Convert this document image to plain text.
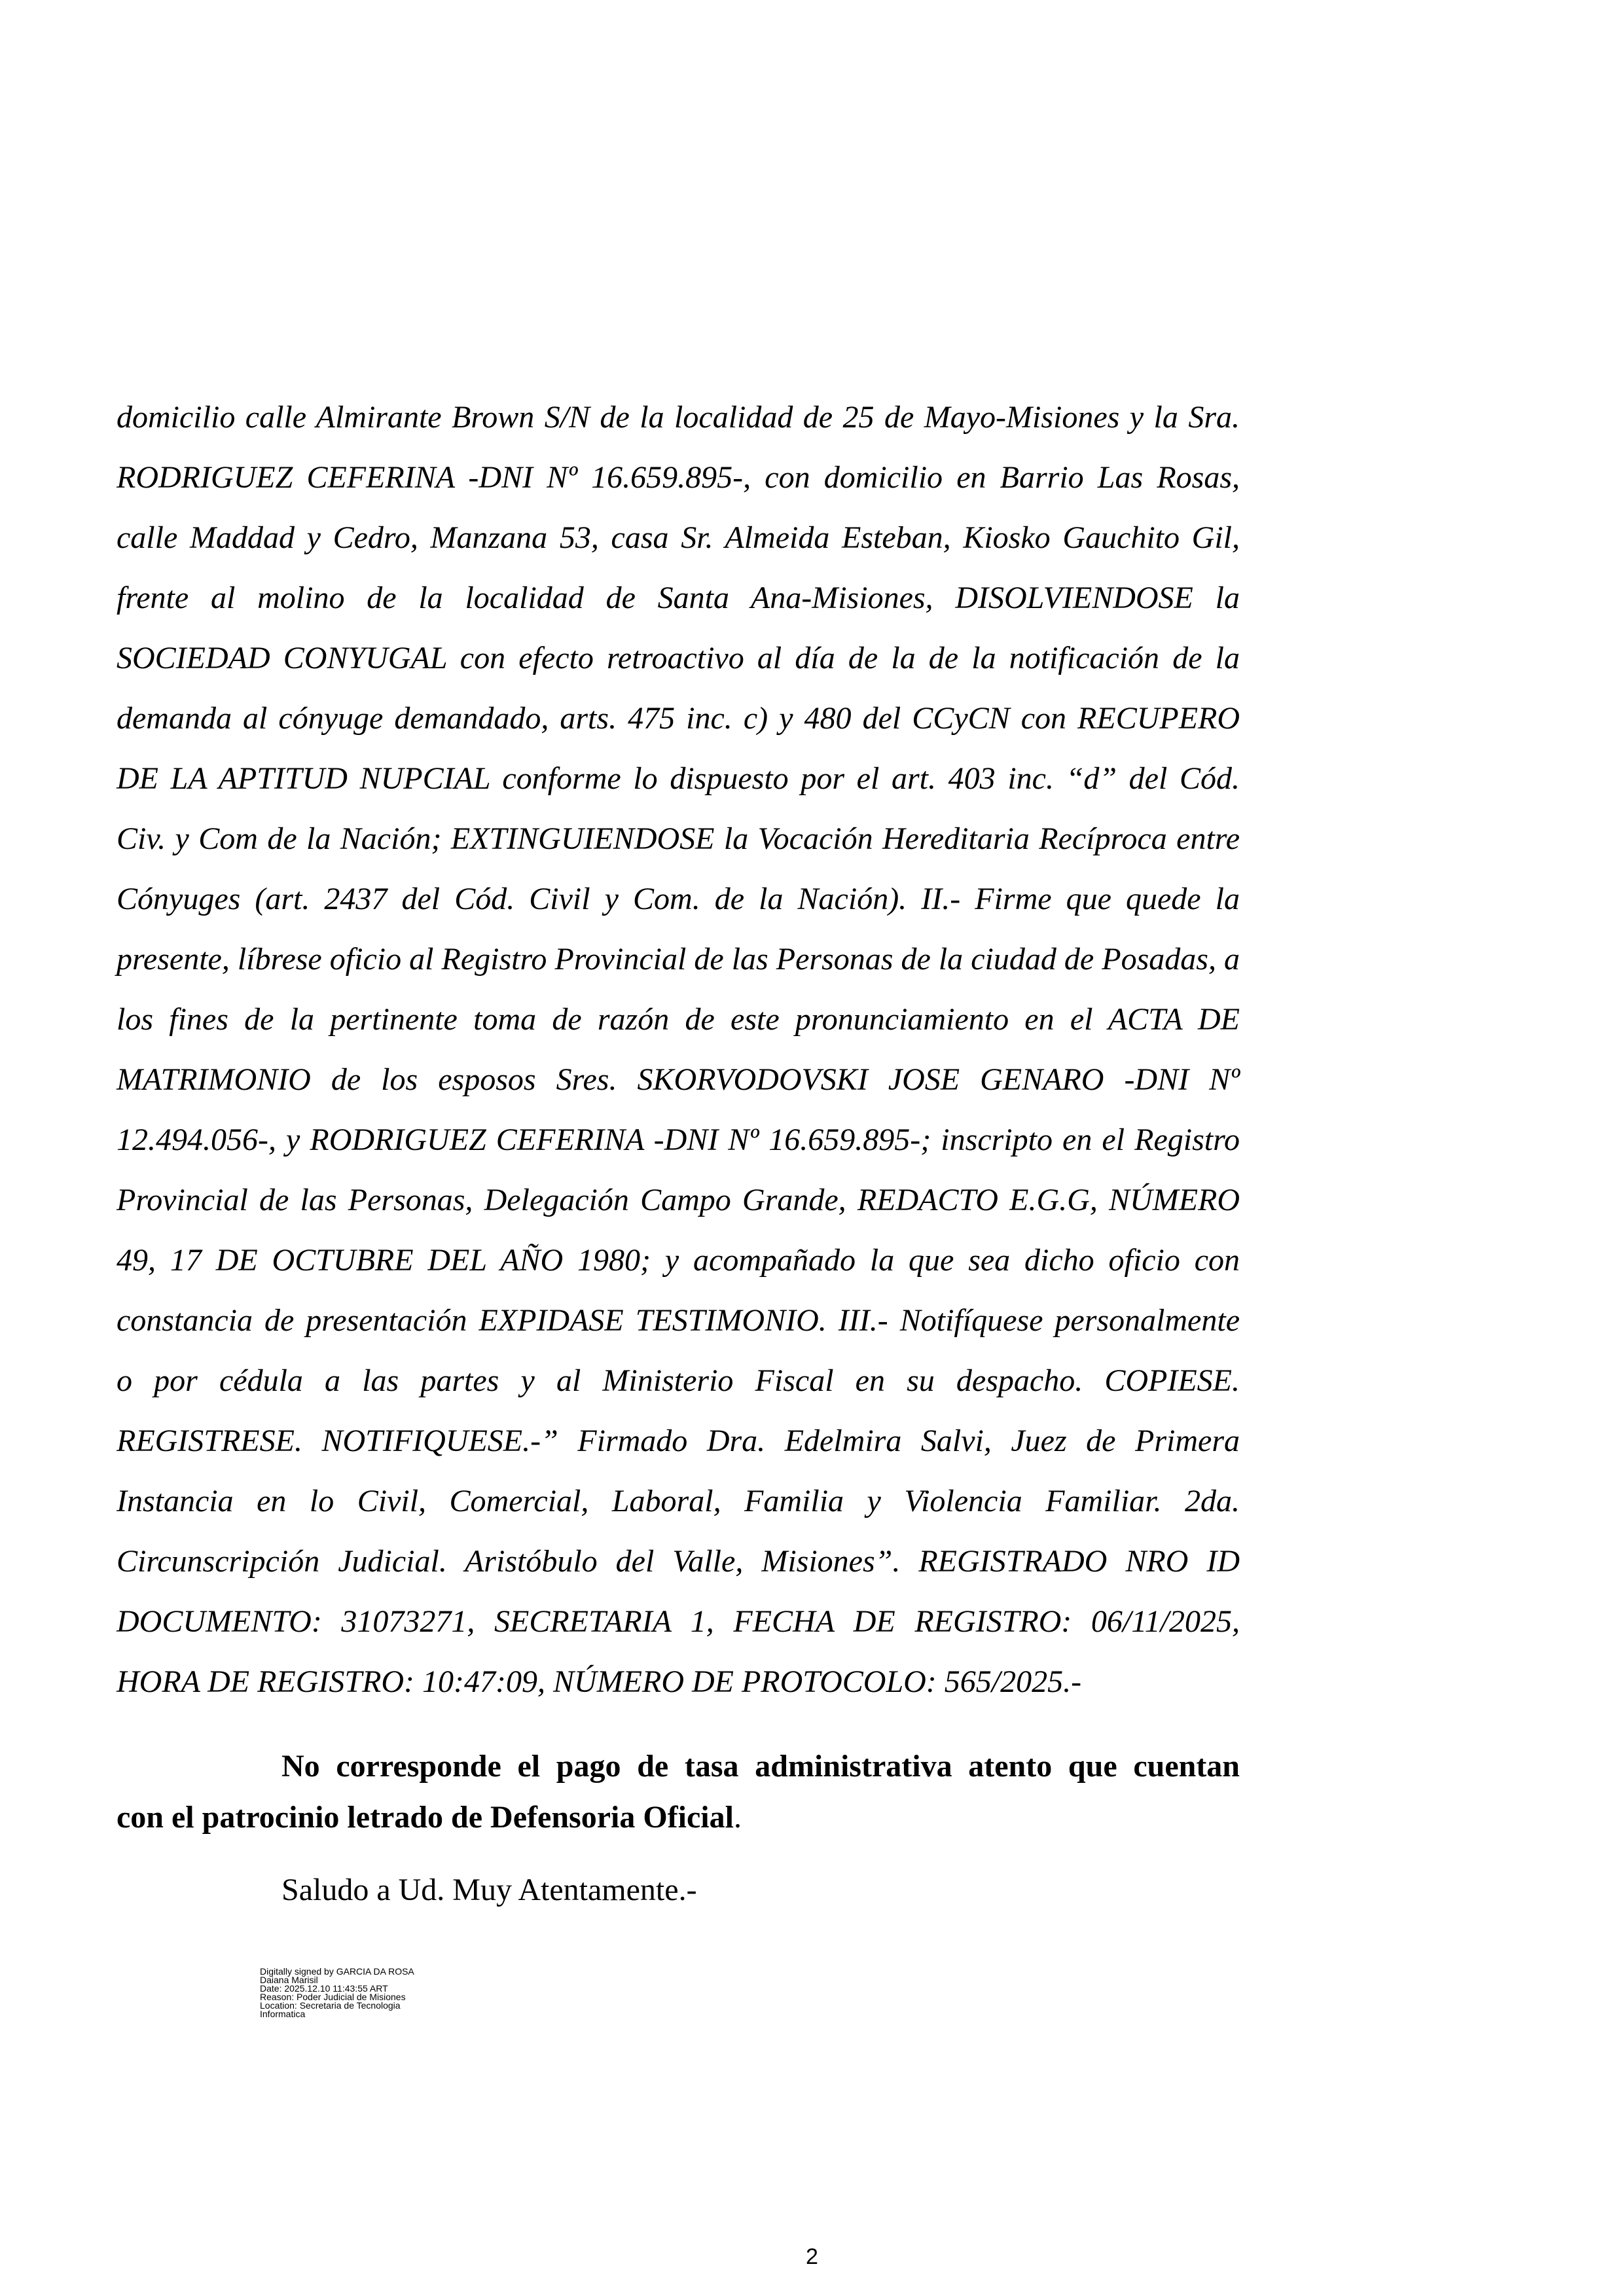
domicilio calle Almirante Brown S/N de la localidad de 25 de Mayo-Misiones y la Sra.
RODRIGUEZ CEFERINA -DNI Nº 16.659.895-, con domicilio en Barrio Las Rosas,
calle Maddad y Cedro, Manzana 53, casa Sr. Almeida Esteban, Kiosko Gauchito Gil,
frente al molino de la localidad de Santa Ana-Misiones, DISOLVIENDOSE la
SOCIEDAD CONYUGAL con efecto retroactivo al día de la de la notificación de la
demanda al cónyuge demandado, arts. 475 inc. c) y 480 del CCyCN con RECUPERO
DE LA APTITUD NUPCIAL conforme lo dispuesto por el art. 403 inc. “d” del Cód.
Civ. y Com de la Nación; EXTINGUIENDOSE la Vocación Hereditaria Recíproca entre
Cónyuges (art. 2437 del Cód. Civil y Com. de la Nación). II.- Firme que quede la
presente, líbrese oficio al Registro Provincial de las Personas de la ciudad de Posadas, a
los fines de la pertinente toma de razón de este pronunciamiento en el ACTA DE
MATRIMONIO de los esposos Sres. SKORVODOVSKI JOSE GENARO -DNI Nº
12.494.056-, y RODRIGUEZ CEFERINA -DNI Nº 16.659.895-; inscripto en el Registro
Provincial de las Personas, Delegación Campo Grande, REDACTO E.G.G, NÚMERO
49, 17 DE OCTUBRE DEL AÑO 1980; y acompañado la que sea dicho oficio con
constancia de presentación EXPIDASE TESTIMONIO. III.- Notifíquese personalmente
o por cédula a las partes y al Ministerio Fiscal en su despacho. COPIESE.
REGISTRESE. NOTIFIQUESE.-” Firmado Dra. Edelmira Salvi, Juez de Primera
Instancia en lo Civil, Comercial, Laboral, Familia y Violencia Familiar. 2da.
Circunscripción Judicial. Aristóbulo del Valle, Misiones”. REGISTRADO NRO ID
DOCUMENTO: 31073271, SECRETARIA 1, FECHA DE REGISTRO: 06/11/2025,
HORA DE REGISTRO: 10:47:09, NÚMERO DE PROTOCOLO: 565/2025.-
No corresponde el pago de tasa administrativa atento que cuentan
con el patrocinio letrado de Defensoria Oficial.
Saludo a Ud. Muy Atentamente.-
Digitally signed by GARCIA DA ROSA
Daiana Marisil
Date: 2025.12.10 11:43:55 ART
Reason: Poder Judicial de Misiones
Location: Secretaria de Tecnologia
Informatica
2
